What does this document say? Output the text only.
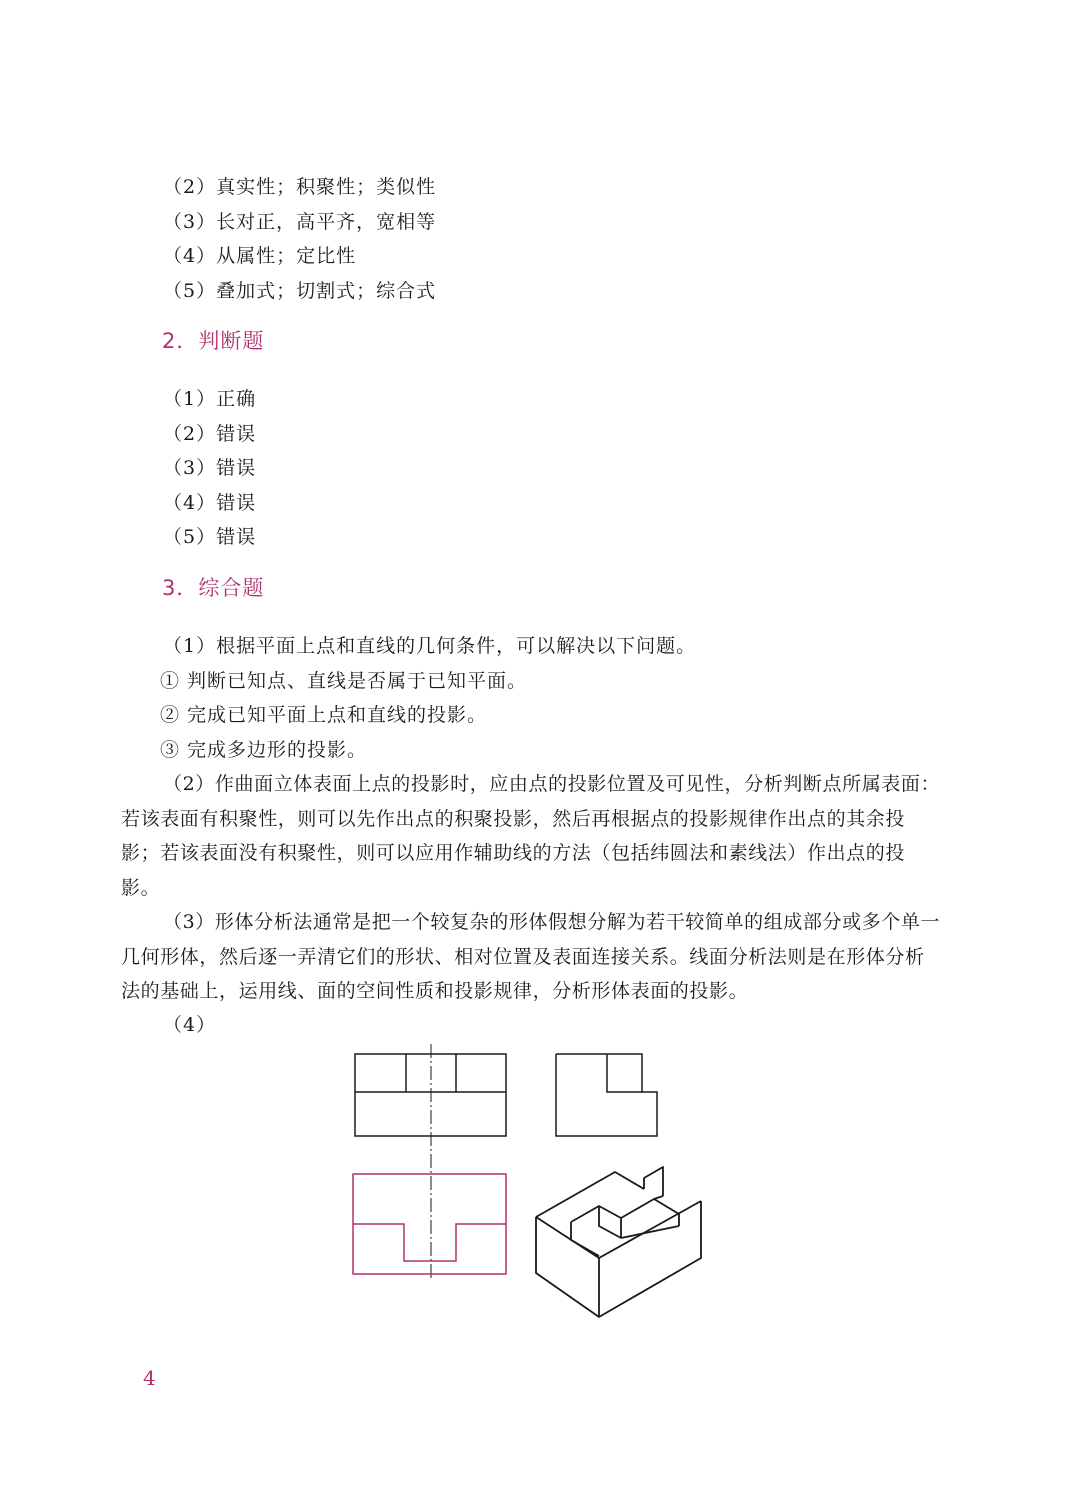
（2）真实性；积聚性；类似性
（3）长对正，高平齐，宽相等
（4）从属性；定比性
（5）叠加式；切割式；综合式
2．判断题
（1）正确
（2）错误
（3）错误
（4）错误
（5）错误
3．综合题
（1）根据平面上点和直线的几何条件，可以解决以下问题。
① 判断已知点、直线是否属于已知平面。
② 完成已知平面上点和直线的投影。
③ 完成多边形的投影。
（2）作曲面立体表面上点的投影时，应由点的投影位置及可见性，分析判断点所属表面：若该表面有积聚性，则可以先作出点的积聚投影，然后再根据点的投影规律作出点的其余投影；若该表面没有积聚性，则可以应用作辅助线的方法（包括纬圆法和素线法）作出点的投影。
（3）形体分析法通常是把一个较复杂的形体假想分解为若干较简单的组成部分或多个单一几何形体，然后逐一弄清它们的形状、相对位置及表面连接关系。线面分析法则是在形体分析法的基础上，运用线、面的空间性质和投影规律，分析形体表面的投影。
（4）
4
